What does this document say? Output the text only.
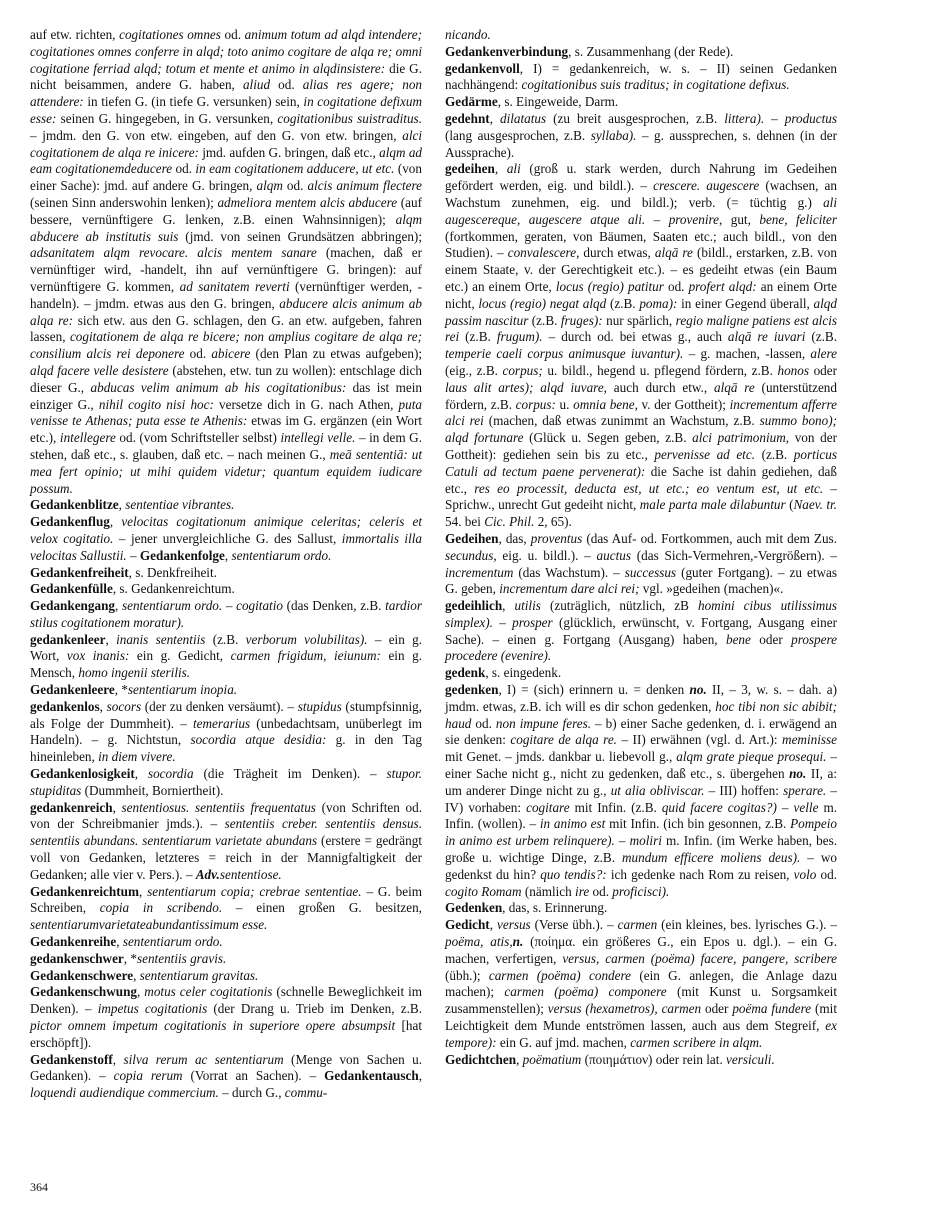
auf etw. richten, cogitationes omnes od. animum totum ad alqd intendere; cogitationes omnes conferre in alqd; toto animo cogitare de alqa re; omni cogitatione ferriad alqd; totum et mente et animo in alqdinsistere: die G. nicht beisammen, andere G. haben, aliud od. alias res agere; non attendere: in tiefen G. (in tiefe G. versunken) sein, in cogitatione defixum esse: seinen G. hingegeben, in G. versunken, cogitationibus suistraditus. – jmdm. den G. von etw. eingeben, auf den G. von etw. bringen, alci cogitationem de alqa re inicere: jmd. aufden G. bringen, daß etc., alqm ad eam cogitationemdeducere od. in eam cogitationem adducere, ut etc. (von einer Sache): jmd. auf andere G. bringen, alqm od. alcis animum flectere (seinen Sinn anderswohin lenken); admeliora mentem alcis abducere (auf bessere, vernünftigere G. lenken, z.B. einen Wahnsinnigen); alqm abducere ab institutis suis (jmd. von seinen Grundsätzen abbringen); adsanitatem alqm revocare. alcis mentem sanare (machen, daß er vernünftiger wird, -handelt, ihn auf vernünftigere G. bringen): auf vernünftigere G. kommen, ad sanitatem reverti (vernünftiger werden, -handeln). – jmdm. etwas aus den G. bringen, abducere alcis animum ab alqa re: sich etw. aus den G. schlagen, den G. an etw. aufgeben, fahren lassen, cogitationem de alqa re bicere; non amplius cogitare de alqa re; consilium alcis rei deponere od. abicere (den Plan zu etwas aufgeben); alqd facere velle desistere (abstehen, etw. tun zu wollen): entschlage dich dieser G., abducas velim animum ab his cogitationibus: das ist mein einziger G., nihil cogito nisi hoc: versetze dich in G. nach Athen, puta venisse te Athenas; puta esse te Athenis: etwas im G. ergänzen (ein Wort etc.), intellegere od. (vom Schriftsteller selbst) intellegi velle. – in dem G. stehen, daß etc., s. glauben, daß etc. – nach meinen G., meā sententiā: ut mea fert opinio; ut mihi quidem videtur; quantum equidem iudicare possum.

Gedankenblitze, sententiae vibrantes.

Gedankenflug, velocitas cogitationum animique celeritas; celeris et velox cogitatio. – jener unvergleichliche G. des Sallust, immortalis illa velocitas Sallustii. – Gedankenfolge, sententiarum ordo.

Gedankenfreiheit, s. Denkfreiheit.

Gedankenfülle, s. Gedankenreichtum.

Gedankengang, sententiarum ordo. – cogitatio (das Denken, z.B. tardior stilus cogitationem moratur).

gedankenleer, inanis sententiis (z.B. verborum volubilitas). – ein g. Wort, vox inanis: ein g. Gedicht, carmen frigidum, ieiunum: ein g. Mensch, homo ingenii sterilis.

Gedankenleere, *sententiarum inopia.

gedankenlos, socors (der zu denken versäumt). – stupidus (stumpfsinnig, als Folge der Dummheit). – temerarius (unbedachtsam, unüberlegt im Handeln). – g. Nichtstun, socordia atque desidia: g. in den Tag hineinleben, in diem vivere.

Gedankenlosigkeit, socordia (die Trägheit im Denken). – stupor. stupiditas (Dummheit, Borniertheit).

gedankenreich, sententiosus. sententiis frequentatus (von Schriften od. von der Schreibmanier jmds.). – sententiis creber. sententiis densus. sententiis abundans. sententiarum varietate abundans (erstere = gedrängt voll von Gedanken, letzteres = reich in der Mannigfaltigkeit der Gedanken; alle vier v. Pers.). – Adv.sententiose.

Gedankenreichtum, sententiarum copia; crebrae sententiae. – G. beim Schreiben, copia in scribendo. – einen großen G. besitzen, sententiarumvarietateabundantissimum esse.

Gedankenreihe, sententiarum ordo.

gedankenschwer, *sententiis gravis.

Gedankenschwere, sententiarum gravitas.

Gedankenschwung, motus celer cogitationis (schnelle Beweglichkeit im Denken). – impetus cogitationis (der Drang u. Trieb im Denken, z.B. pictor omnem impetum cogitationis in superiore opere absumpsit [hat erschöpft]).

Gedankenstoff, silva rerum ac sententiarum (Menge von Sachen u. Gedanken). – copia rerum (Vorrat an Sachen). – Gedankentausch, loquendi audiendique commercium. – durch G., commu-

nicando.

Gedankenverbindung, s. Zusammenhang (der Rede).

gedankenvoll, I) = gedankenreich, w. s. – II) seinen Gedanken nachhängend: cogitationibus suis traditus; in cogitatione defixus.

Gedärme, s. Eingeweide, Darm.

gedehnt, dilatatus (zu breit ausgesprochen, z.B. littera). – productus (lang ausgesprochen, z.B. syllaba). – g. aussprechen, s. dehnen (in der Aussprache).

gedeihen, ali (groß u. stark werden, durch Nahrung im Gedeihen gefördert werden, eig. und bildl.). – crescere. augescere (wachsen, an Wachstum zunehmen, eig. und bildl.); verb. (= tüchtig g.) ali augescereque, augescere atque ali. – provenire, gut, bene, feliciter (fortkommen, geraten, von Bäumen, Saaten etc.; auch bildl., von den Studien). – convalescere, durch etwas, alqā re (bildl., erstarken, z.B. von einem Staate, v. der Gerechtigkeit etc.). – es gedeiht etwas (ein Baum etc.) an einem Orte, locus (regio) patitur od. profert alqd: an einem Orte nicht, locus (regio) negat alqd (z.B. poma): in einer Gegend überall, alqd passim nascitur (z.B. fruges): nur spärlich, regio maligne patiens est alcis rei (z.B. frugum). – durch od. bei etwas g., auch alqā re iuvari (z.B. temperie caeli corpus animusque iuvantur). – g. machen, -lassen, alere (eig., z.B. corpus; u. bildl., hegend u. pflegend fördern, z.B. honos oder laus alit artes); alqd iuvare, auch durch etw., alqā re (unterstützend fördern, z.B. corpus: u. omnia bene, v. der Gottheit); incrementum afferre alci rei (machen, daß etwas zunimmt an Wachstum, z.B. summo bono); alqd fortunare (Glück u. Segen geben, z.B. alci patrimonium, von der Gottheit): gediehen sein bis zu etc., pervenisse ad etc. (z.B. porticus Catuli ad tectum paene pervenerat): die Sache ist dahin gediehen, daß etc., res eo processit, deducta est, ut etc.; eo ventum est, ut etc. – Sprichw., unrecht Gut gedeiht nicht, male parta male dilabuntur (Naev. tr. 54. bei Cic. Phil. 2, 65).

Gedeihen, das, proventus (das Auf- od. Fortkommen, auch mit dem Zus. secundus, eig. u. bildl.). – auctus (das Sich-Vermehren,-Vergrößern). – incrementum (das Wachstum). – successus (guter Fortgang). – zu etwas G. geben, incrementum dare alci rei; vgl. »gedeihen (machen)«.

gedeihlich, utilis (zuträglich, nützlich, zB homini cibus utilissimus simplex). – prosper (glücklich, erwünscht, v. Fortgang, Ausgang einer Sache). – einen g. Fortgang (Ausgang) haben, bene oder prospere procedere (evenire).

gedenk, s. eingedenk.

gedenken, I) = (sich) erinnern u. = denken no. II, – 3, w. s. – dah. a) jmdm. etwas, z.B. ich will es dir schon gedenken, hoc tibi non sic abibit; haud od. non impune feres. – b) einer Sache gedenken, d. i. erwägend an sie denken: cogitare de alqa re. – II) erwähnen (vgl. d. Art.): meminisse mit Genet. – jmds. dankbar u. liebevoll g., alqm grate pieque prosequi. – einer Sache nicht g., nicht zu gedenken, daß etc., s. übergehen no. II, a: um anderer Dinge nicht zu g., ut alia obliviscar. – III) hoffen: sperare. – IV) vorhaben: cogitare mit Infin. (z.B. quid facere cogitas?) – velle m. Infin. (wollen). – in animo est mit Infin. (ich bin gesonnen, z.B. Pompeio in animo est urbem relinquere). – moliri m. Infin. (im Werke haben, bes. große u. wichtige Dinge, z.B. mundum efficere moliens deus). – wo gedenkst du hin? quo tendis?: ich gedenke nach Rom zu reisen, volo od. cogito Romam (nämlich ire od. proficisci).

Gedenken, das, s. Erinnerung.

Gedicht, versus (Verse übh.). – carmen (ein kleines, bes. lyrisches G.). – poëma, atis,n. (ποίημα. ein größeres G., ein Epos u. dgl.). – ein G. machen, verfertigen, versus, carmen (poëma) facere, pangere, scribere (übh.); carmen (poëma) condere (ein G. anlegen, die Anlage dazu machen); carmen (poëma) componere (mit Kunst u. Sorgsamkeit zusammenstellen); versus (hexametros), carmen oder poëma fundere (mit Leichtigkeit dem Munde entströmen lassen, auch aus dem Stegreif, ex tempore): ein G. auf jmd. machen, carmen scribere in alqm.

Gedichtchen, poëmatium (ποιημάτιον) oder rein lat. versiculi.

364
